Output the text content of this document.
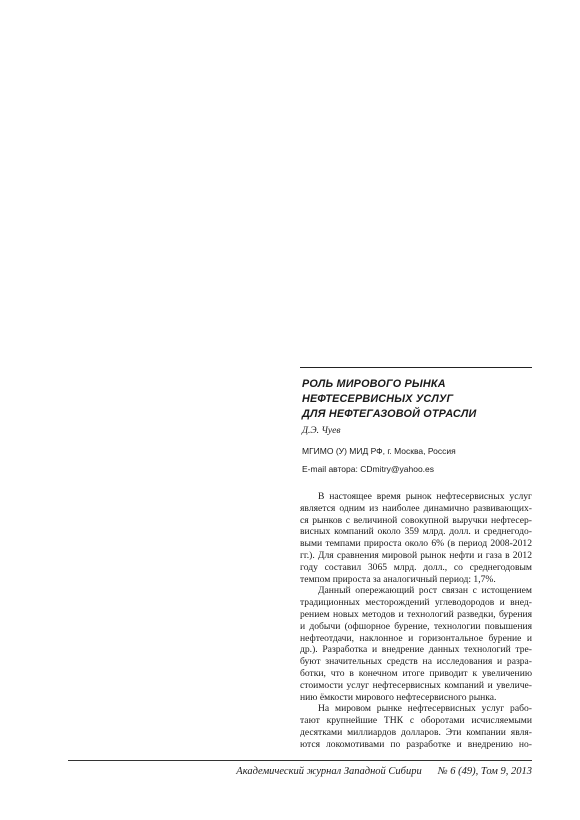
РОЛЬ МИРОВОГО РЫНКА
НЕФТЕСЕРВИСНЫХ УСЛУГ
ДЛЯ НЕФТЕГАЗОВОЙ ОТРАСЛИ
Д.Э. Чуев
МГИМО (У) МИД РФ, г. Москва, Россия
E-mail автора: CDmitry@yahoo.es
В настоящее время рынок нефтесервисных услуг
является одним из наиболее динамично развивающих-
ся рынков с величиной совокупной выручки нефтесер-
висных компаний около 359 млрд. долл. и среднегодо-
выми темпами прироста около 6% (в период 2008-2012
гг.). Для сравнения мировой рынок нефти и газа в 2012
году составил 3065 млрд. долл., со среднегодовым
темпом прироста за аналогичный период: 1,7%.
Данный опережающий рост связан с истощением
традиционных месторождений углеводородов и внед-
рением новых методов и технологий разведки, бурения
и добычи (офшорное бурение, технологии повышения
нефтеотдачи, наклонное и горизонтальное бурение и
др.). Разработка и внедрение данных технологий тре-
буют значительных средств на исследования и разра-
ботки, что в конечном итоге приводит к увеличению
стоимости услуг нефтесервисных компаний и увеличе-
нию ёмкости мирового нефтесервисного рынка.
На мировом рынке нефтесервисных услуг рабо-
тают крупнейшие ТНК с оборотами исчисляемыми
десятками миллиардов долларов. Эти компании явля-
ются локомотивами по разработке и внедрению но-
Академический журнал Западной Сибири № 6 (49), Том 9, 2013
